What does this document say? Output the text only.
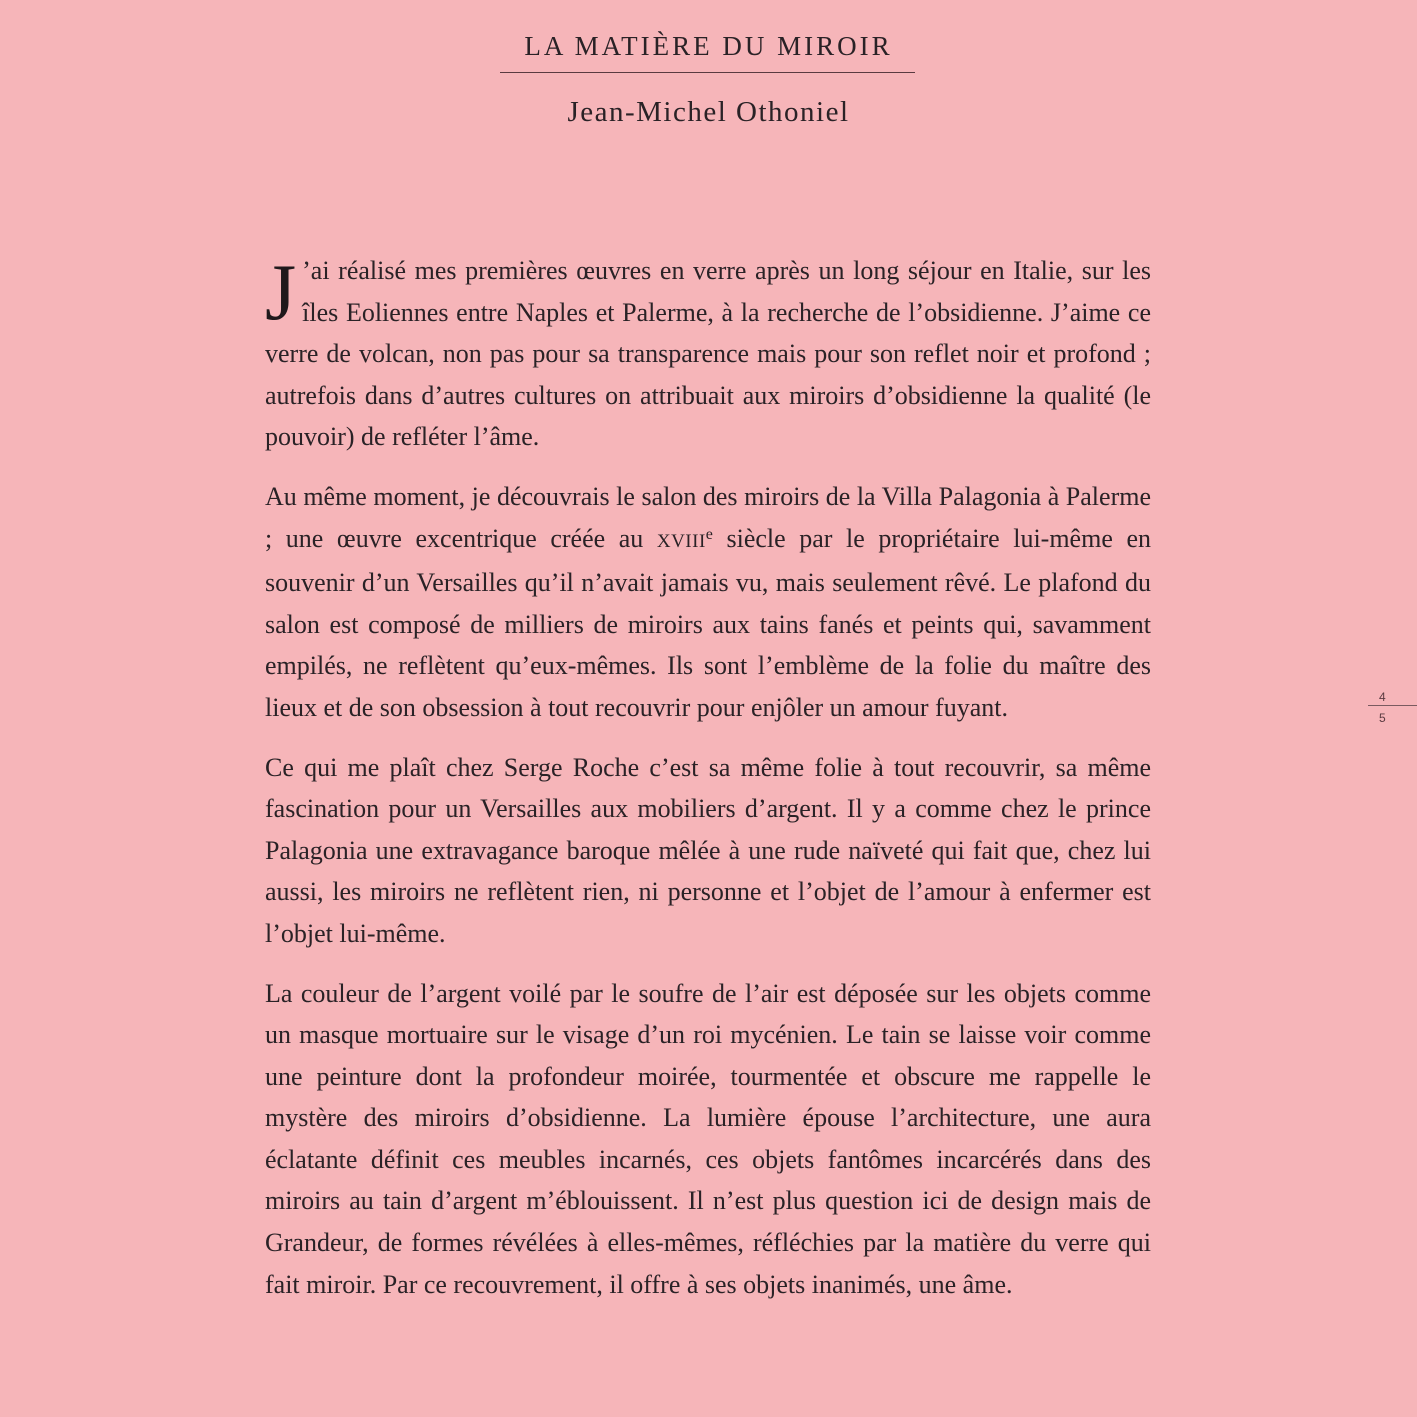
LA MATIÈRE DU MIROIR
Jean-Michel Othoniel

J ’ai réalisé mes premières œuvres en verre après un long séjour en Italie, sur les îles Eoliennes entre Naples et Palerme, à la recherche de l’obsidienne. J’aime ce verre de volcan, non pas pour sa transparence mais pour son reflet noir et profond ; autrefois dans d’autres cultures on attribuait aux miroirs d’obsidienne la qualité (le pouvoir) de refléter l’âme.

Au même moment, je découvrais le salon des miroirs de la Villa Palagonia à Palerme ; une œuvre excentrique créée au XVIIIe siècle par le propriétaire lui-même en souvenir d’un Versailles qu’il n’avait jamais vu, mais seulement rêvé. Le plafond du salon est composé de milliers de miroirs aux tains fanés et peints qui, savamment empilés, ne reflètent qu’eux-mêmes. Ils sont l’emblème de la folie du maître des lieux et de son obsession à tout recouvrir pour enjôler un amour fuyant.

Ce qui me plaît chez Serge Roche c’est sa même folie à tout recouvrir, sa même fascination pour un Versailles aux mobiliers d’argent. Il y a comme chez le prince Palagonia une extravagance baroque mêlée à une rude naïveté qui fait que, chez lui aussi, les miroirs ne reflètent rien, ni personne et l’objet de l’amour à enfermer est l’objet lui-même.

La couleur de l’argent voilé par le soufre de l’air est déposée sur les objets comme un masque mortuaire sur le visage d’un roi mycénien. Le tain se laisse voir comme une peinture dont la profondeur moirée, tourmentée et obscure me rappelle le mystère des miroirs d’obsidienne. La lumière épouse l’architecture, une aura éclatante définit ces meubles incarnés, ces objets fantômes incarcérés dans des miroirs au tain d’argent m’éblouissent. Il n’est plus question ici de design mais de Grandeur, de formes révélées à elles-mêmes, réfléchies par la matière du verre qui fait miroir. Par ce recouvrement, il offre à ses objets inanimés, une âme.

4
5
